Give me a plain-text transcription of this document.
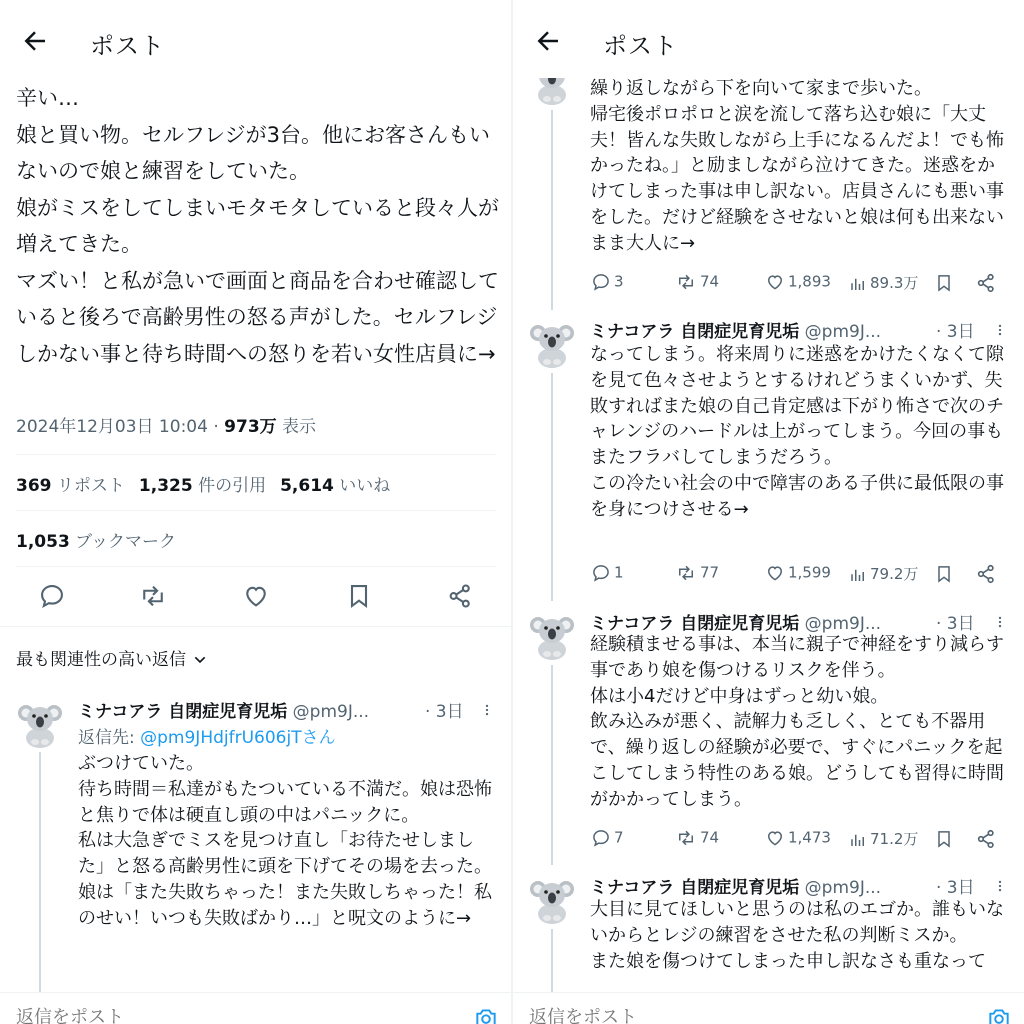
ポスト
辛い…
娘と買い物。セルフレジが3台。他にお客さんもいないので娘と練習をしていた。
娘がミスをしてしまいモタモタしていると段々人が増えてきた。
マズい！と私が急いで画面と商品を合わせ確認していると後ろで高齢男性の怒る声がした。セルフレジしかない事と待ち時間への怒りを若い女性店員に→
2024年12月03日 10:04 · 973万 表示
369 リポスト 1,325 件の引用 5,614 いいね
1,053 ブックマーク
最も関連性の高い返信
ミナコアラ 自閉症児育児垢 @pm9J...	· 3日
返信先: @pm9JHdjfrU606jTさん
ぶつけていた。
待ち時間＝私達がもたついている不満だ。娘は恐怖と焦りで体は硬直し頭の中はパニックに。
私は大急ぎでミスを見つけ直し「お待たせしました」と怒る高齢男性に頭を下げてその場を去った。
娘は「また失敗ちゃった！また失敗しちゃった！私のせい！いつも失敗ばかり…」と呪文のように→
返信をポスト
ポスト
繰り返しながら下を向いて家まで歩いた。
帰宅後ポロポロと涙を流して落ち込む娘に「大丈夫！皆んな失敗しながら上手になるんだよ！でも怖かったね。」と励ましながら泣けてきた。迷惑をかけてしまった事は申し訳ない。店員さんにも悪い事をした。だけど経験をさせないと娘は何も出来ないまま大人に→
3	74	1,893	89.3万
ミナコアラ 自閉症児育児垢 @pm9J...	· 3日
なってしまう。将来周りに迷惑をかけたくなくて隙を見て色々させようとするけれどうまくいかず、失敗すればまた娘の自己肯定感は下がり怖さで次のチャレンジのハードルは上がってしまう。今回の事もまたフラバしてしまうだろう。
この冷たい社会の中で障害のある子供に最低限の事を身につけさせる→
1	77	1,599	79.2万
ミナコアラ 自閉症児育児垢 @pm9J...	· 3日
経験積ませる事は、本当に親子で神経をすり減らす事であり娘を傷つけるリスクを伴う。
体は小4だけど中身はずっと幼い娘。
飲み込みが悪く、読解力も乏しく、とても不器用で、繰り返しの経験が必要で、すぐにパニックを起こしてしまう特性のある娘。どうしても習得に時間がかかってしまう。
7	74	1,473	71.2万
ミナコアラ 自閉症児育児垢 @pm9J...	· 3日
大目に見てほしいと思うのは私のエゴか。誰もいないからとレジの練習をさせた私の判断ミスか。
また娘を傷つけてしまった申し訳なさも重なって
返信をポスト
